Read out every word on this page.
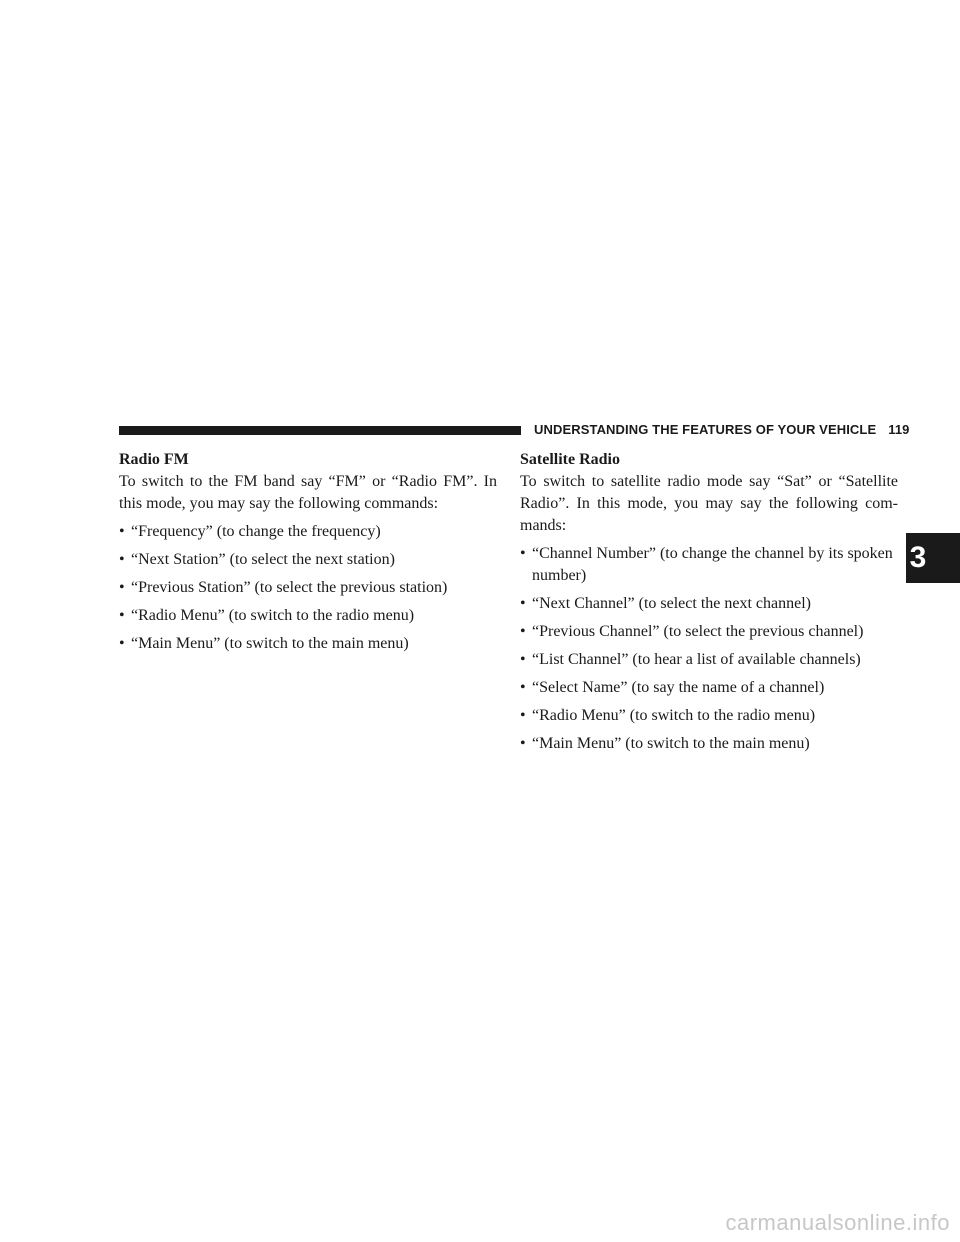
UNDERSTANDING THE FEATURES OF YOUR VEHICLE 119

Radio FM

To switch to the FM band say “FM” or “Radio FM”. In this mode, you may say the following commands:

• “Frequency” (to change the frequency)
• “Next Station” (to select the next station)
• “Previous Station” (to select the previous station)
• “Radio Menu” (to switch to the radio menu)
• “Main Menu” (to switch to the main menu)

Satellite Radio

To switch to satellite radio mode say “Sat” or “Satellite Radio”. In this mode, you may say the following com-mands:

• “Channel Number” (to change the channel by its spoken number)
• “Next Channel” (to select the next channel)
• “Previous Channel” (to select the previous channel)
• “List Channel” (to hear a list of available channels)
• “Select Name” (to say the name of a channel)
• “Radio Menu” (to switch to the radio menu)
• “Main Menu” (to switch to the main menu)
3
carmanualsonline.info
